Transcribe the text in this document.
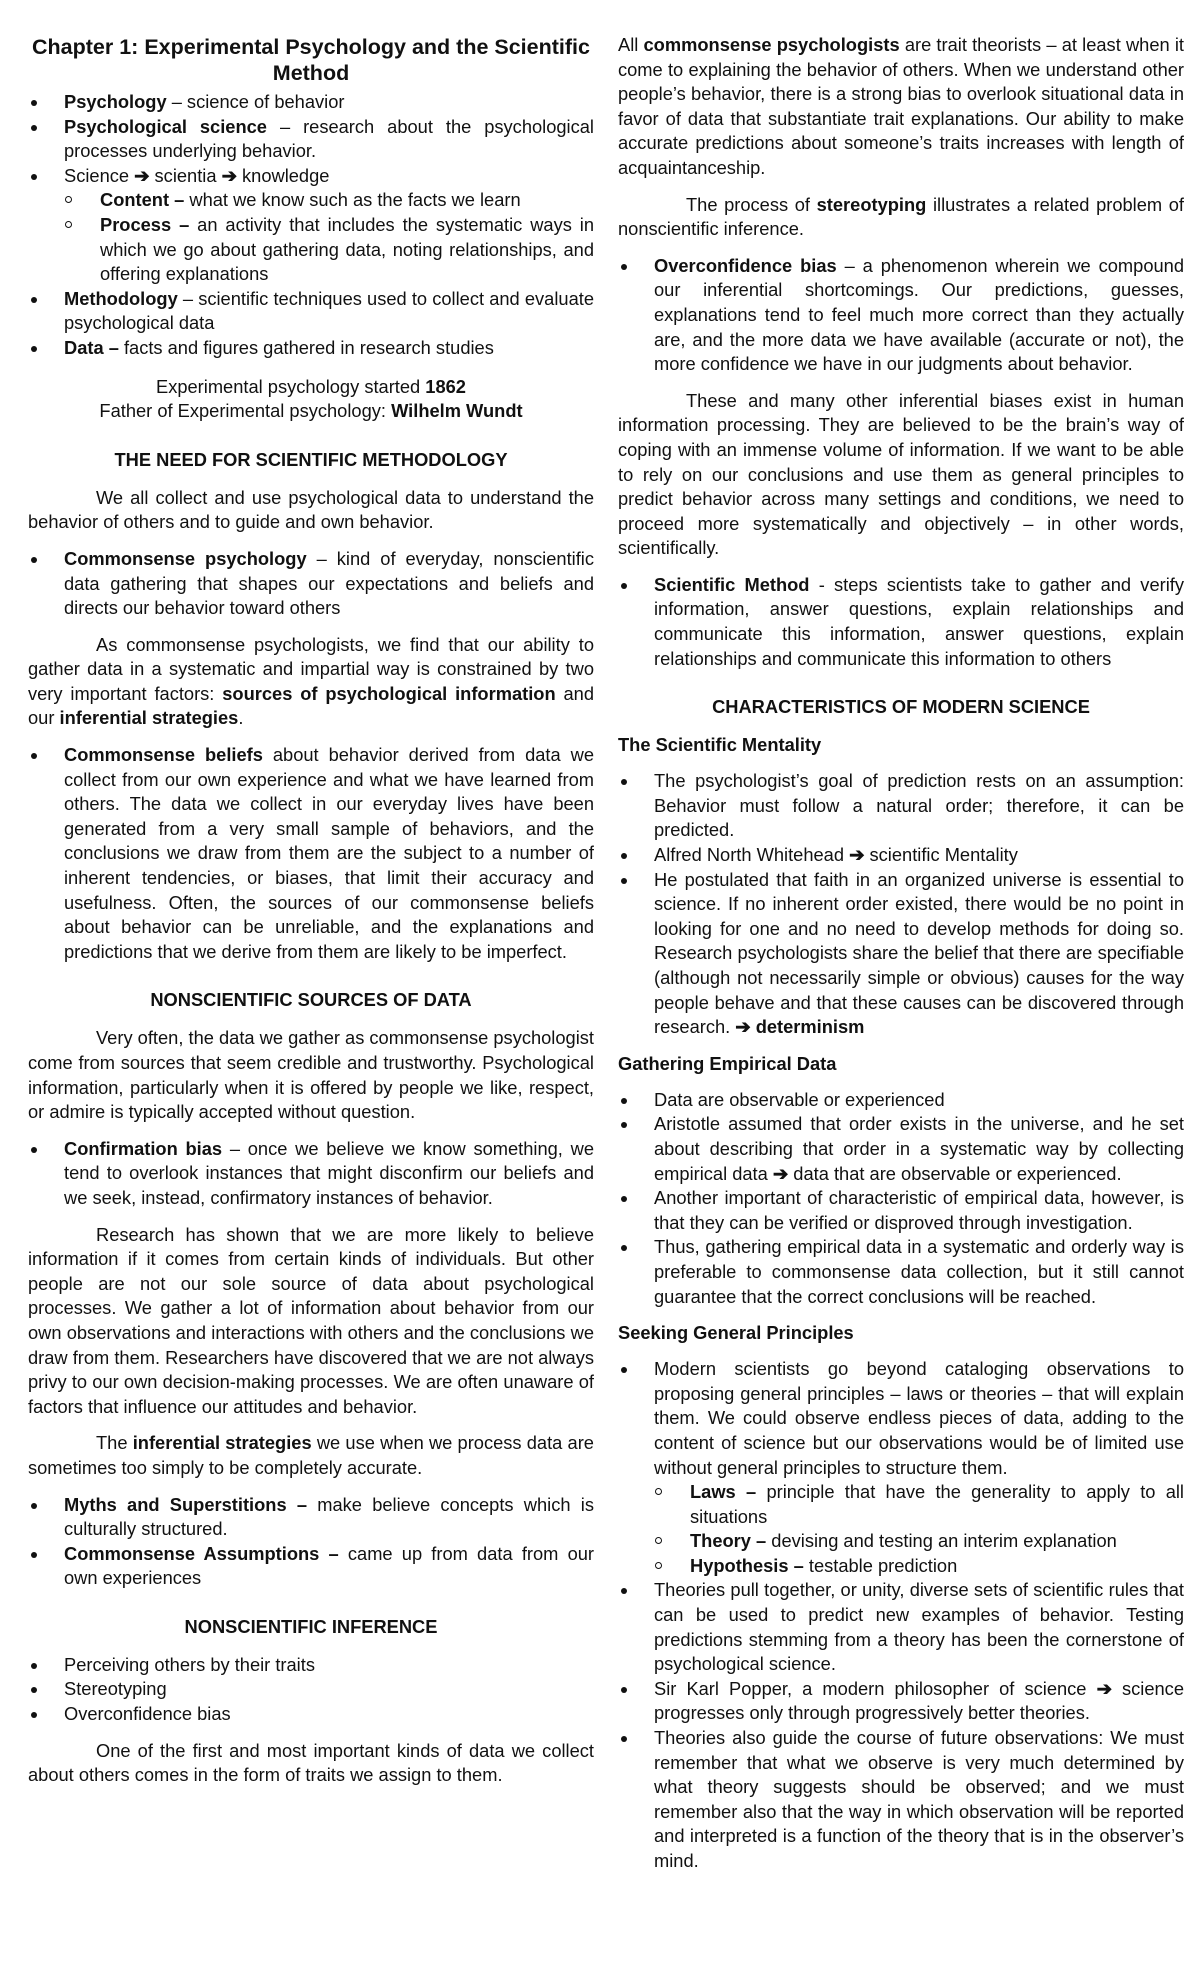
Chapter 1: Experimental Psychology and the Scientific Method
Psychology – science of behavior
Psychological science – research about the psychological processes underlying behavior.
Science ➔ scientia ➔ knowledge
Content – what we know such as the facts we learn
Process – an activity that includes the systematic ways in which we go about gathering data, noting relationships, and offering explanations
Methodology – scientific techniques used to collect and evaluate psychological data
Data – facts and figures gathered in research studies
Experimental psychology started 1862
Father of Experimental psychology: Wilhelm Wundt
THE NEED FOR SCIENTIFIC METHODOLOGY

We all collect and use psychological data to understand the behavior of others and to guide and own behavior.

Commonsense psychology – kind of everyday, nonscientific data gathering that shapes our expectations and beliefs and directs our behavior toward others

As commonsense psychologists, we find that our ability to gather data in a systematic and impartial way is constrained by two very important factors: sources of psychological information and our inferential strategies.

Commonsense beliefs about behavior derived from data we collect from our own experience and what we have learned from others. The data we collect in our everyday lives have been generated from a very small sample of behaviors, and the conclusions we draw from them are the subject to a number of inherent tendencies, or biases, that limit their accuracy and usefulness. Often, the sources of our commonsense beliefs about behavior can be unreliable, and the explanations and predictions that we derive from them are likely to be imperfect.
NONSCIENTIFIC SOURCES OF DATA

Very often, the data we gather as commonsense psychologist come from sources that seem credible and trustworthy. Psychological information, particularly when it is offered by people we like, respect, or admire is typically accepted without question.

Confirmation bias – once we believe we know something, we tend to overlook instances that might disconfirm our beliefs and we seek, instead, confirmatory instances of behavior.

Research has shown that we are more likely to believe information if it comes from certain kinds of individuals. But other people are not our sole source of data about psychological processes. We gather a lot of information about behavior from our own observations and interactions with others and the conclusions we draw from them. Researchers have discovered that we are not always privy to our own decision-making processes. We are often unaware of factors that influence our attitudes and behavior.

The inferential strategies we use when we process data are sometimes too simply to be completely accurate.

Myths and Superstitions – make believe concepts which is culturally structured.
Commonsense Assumptions – came up from data from our own experiences
NONSCIENTIFIC INFERENCE
Perceiving others by their traits
Stereotyping
Overconfidence bias

One of the first and most important kinds of data we collect about others comes in the form of traits we assign to them.

All commonsense psychologists are trait theorists – at least when it come to explaining the behavior of others. When we understand other people’s behavior, there is a strong bias to overlook situational data in favor of data that substantiate trait explanations. Our ability to make accurate predictions about someone’s traits increases with length of acquaintanceship.

The process of stereotyping illustrates a related problem of nonscientific inference.

Overconfidence bias – a phenomenon wherein we compound our inferential shortcomings. Our predictions, guesses, explanations tend to feel much more correct than they actually are, and the more data we have available (accurate or not), the more confidence we have in our judgments about behavior.

These and many other inferential biases exist in human information processing. They are believed to be the brain’s way of coping with an immense volume of information. If we want to be able to rely on our conclusions and use them as general principles to predict behavior across many settings and conditions, we need to proceed more systematically and objectively – in other words, scientifically.

Scientific Method - steps scientists take to gather and verify information, answer questions, explain relationships and communicate this information, answer questions, explain relationships and communicate this information to others
CHARACTERISTICS OF MODERN SCIENCE
The Scientific Mentality
The psychologist’s goal of prediction rests on an assumption: Behavior must follow a natural order; therefore, it can be predicted.
Alfred North Whitehead ➔ scientific Mentality
He postulated that faith in an organized universe is essential to science. If no inherent order existed, there would be no point in looking for one and no need to develop methods for doing so. Research psychologists share the belief that there are specifiable (although not necessarily simple or obvious) causes for the way people behave and that these causes can be discovered through research. ➔ determinism
Gathering Empirical Data
Data are observable or experienced
Aristotle assumed that order exists in the universe, and he set about describing that order in a systematic way by collecting empirical data ➔ data that are observable or experienced.
Another important of characteristic of empirical data, however, is that they can be verified or disproved through investigation.
Thus, gathering empirical data in a systematic and orderly way is preferable to commonsense data collection, but it still cannot guarantee that the correct conclusions will be reached.
Seeking General Principles
Modern scientists go beyond cataloging observations to proposing general principles – laws or theories – that will explain them. We could observe endless pieces of data, adding to the content of science but our observations would be of limited use without general principles to structure them.
Laws – principle that have the generality to apply to all situations
Theory – devising and testing an interim explanation
Hypothesis – testable prediction
Theories pull together, or unity, diverse sets of scientific rules that can be used to predict new examples of behavior. Testing predictions stemming from a theory has been the cornerstone of psychological science.
Sir Karl Popper, a modern philosopher of science ➔ science progresses only through progressively better theories.
Theories also guide the course of future observations: We must remember that what we observe is very much determined by what theory suggests should be observed; and we must remember also that the way in which observation will be reported and interpreted is a function of the theory that is in the observer’s mind.
